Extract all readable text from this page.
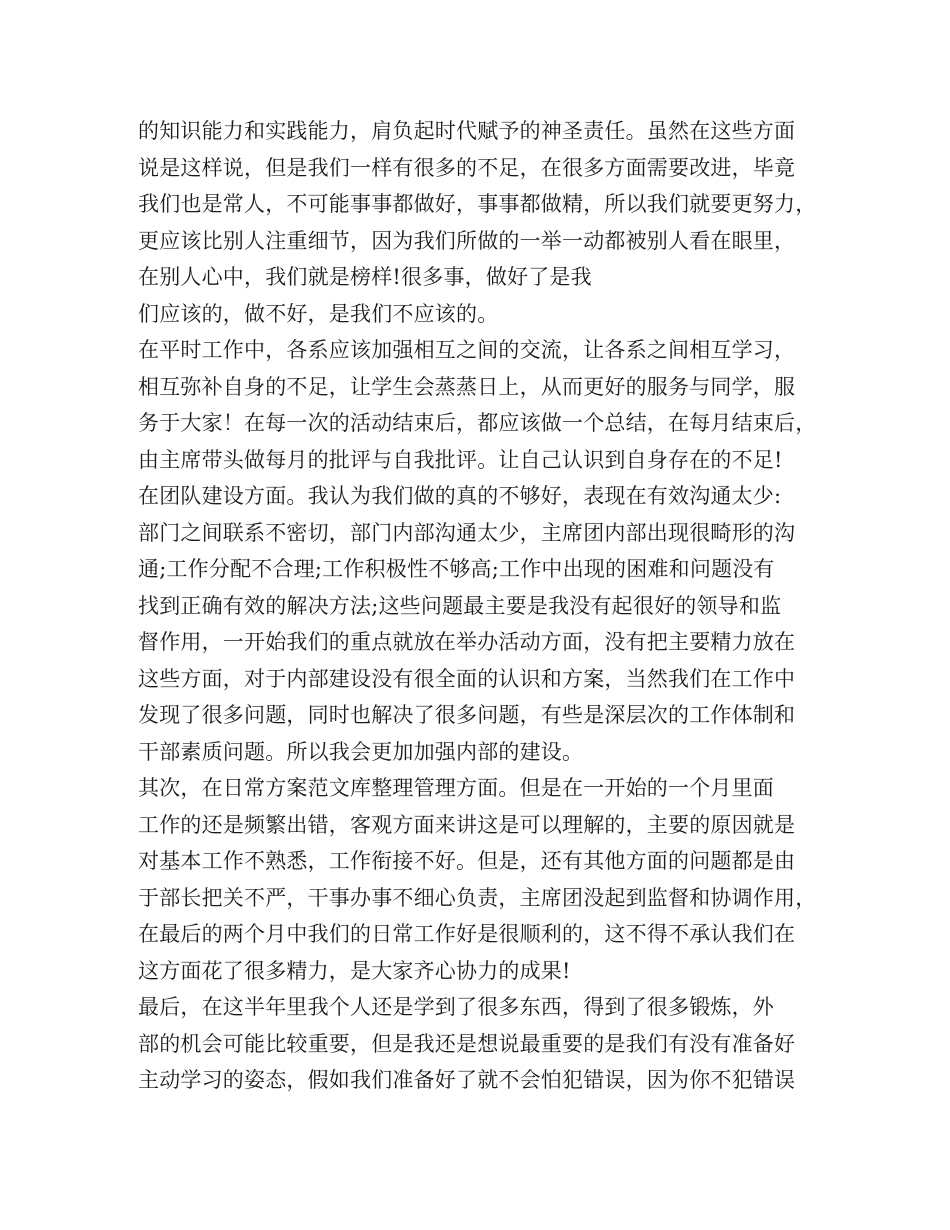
的知识能力和实践能力，肩负起时代赋予的神圣责任。虽然在这些方面
说是这样说，但是我们一样有很多的不足，在很多方面需要改进，毕竟
我们也是常人，不可能事事都做好，事事都做精，所以我们就要更努力，
更应该比别人注重细节，因为我们所做的一举一动都被别人看在眼里，
在别人心中，我们就是榜样!很多事，做好了是我
们应该的，做不好，是我们不应该的。
在平时工作中，各系应该加强相互之间的交流，让各系之间相互学习，
相互弥补自身的不足，让学生会蒸蒸日上，从而更好的服务与同学，服
务于大家！在每一次的活动结束后，都应该做一个总结，在每月结束后，
由主席带头做每月的批评与自我批评。让自己认识到自身存在的不足!
在团队建设方面。我认为我们做的真的不够好，表现在有效沟通太少:
部门之间联系不密切，部门内部沟通太少，主席团内部出现很畸形的沟
通;工作分配不合理;工作积极性不够高;工作中出现的困难和问题没有
找到正确有效的解决方法;这些问题最主要是我没有起很好的领导和监
督作用，一开始我们的重点就放在举办活动方面，没有把主要精力放在
这些方面，对于内部建设没有很全面的认识和方案，当然我们在工作中
发现了很多问题，同时也解决了很多问题，有些是深层次的工作体制和
干部素质问题。所以我会更加加强内部的建设。
其次，在日常方案范文库整理管理方面。但是在一开始的一个月里面
工作的还是频繁出错，客观方面来讲这是可以理解的，主要的原因就是
对基本工作不熟悉，工作衔接不好。但是，还有其他方面的问题都是由
于部长把关不严，干事办事不细心负责，主席团没起到监督和协调作用，
在最后的两个月中我们的日常工作好是很顺利的，这不得不承认我们在
这方面花了很多精力，是大家齐心协力的成果!
最后，在这半年里我个人还是学到了很多东西，得到了很多锻炼，外
部的机会可能比较重要，但是我还是想说最重要的是我们有没有准备好
主动学习的姿态，假如我们准备好了就不会怕犯错误，因为你不犯错误
